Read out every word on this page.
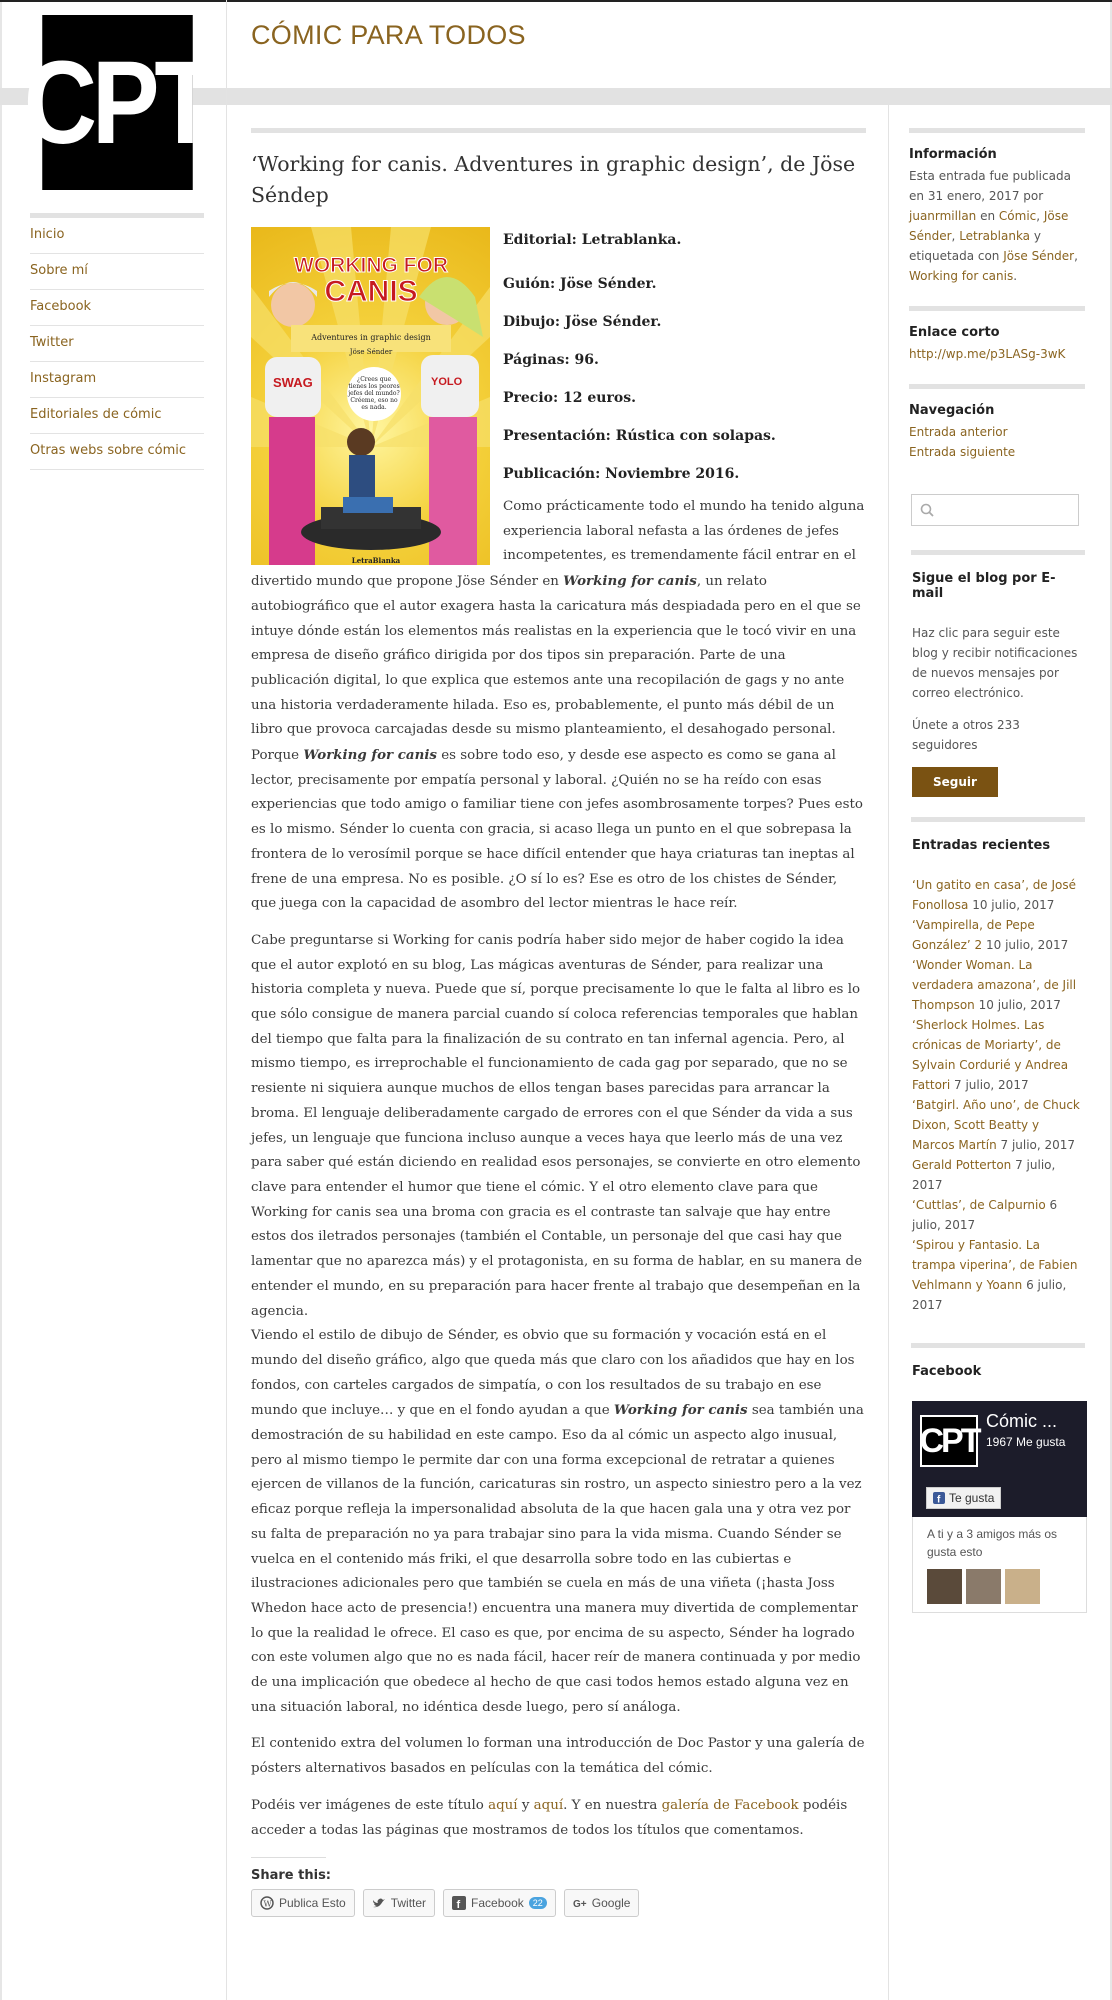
CPT
CÓMIC PARA TODOS
Inicio
Sobre mí
Facebook
Twitter
Instagram
Editoriales de cómic
Otras webs sobre cómic
‘Working for canis. Adventures in graphic design’, de Jöse Séndер
SWAG	YOLO
WORKING FOR
CANIS
Adventures in graphic design
Jöse Sénder
¿Crees que tienes los peores jefes del mundo? Créeme, eso no es nada.
LetraBlanka
Editorial: Letrablanka.
Guión: Jöse Sénder.
Dibujo: Jöse Sénder.
Páginas: 96.
Precio: 12 euros.
Presentación: Rústica con solapas.
Publicación: Noviembre 2016.

Como prácticamente todo el mundo ha tenido alguna experiencia laboral nefasta a las órdenes de jefes incompetentes, es tremendamente fácil entrar en el divertido mundo que propone Jöse Sénder en Working for canis, un relato autobiográfico que el autor exagera hasta la caricatura más despiadada pero en el que se intuye dónde están los elementos más realistas en la experiencia que le tocó vivir en una empresa de diseño gráfico dirigida por dos tipos sin preparación. Parte de una publicación digital, lo que explica que estemos ante una recopilación de gags y no ante una historia verdaderamente hilada. Eso es, probablemente, el punto más débil de un libro que provoca carcajadas desde su mismo planteamiento, el desahogado personal. Porque Working for canis es sobre todo eso, y desde ese aspecto es como se gana al lector, precisamente por empatía personal y laboral. ¿Quién no se ha reído con esas experiencias que todo amigo o familiar tiene con jefes asombrosamente torpes? Pues esto es lo mismo. Sénder lo cuenta con gracia, si acaso llega un punto en el que sobrepasa la frontera de lo verosímil porque se hace difícil entender que haya criaturas tan ineptas al frene de una empresa. No es posible. ¿O sí lo es? Ese es otro de los chistes de Sénder, que juega con la capacidad de asombro del lector mientras le hace reír.

Cabe preguntarse si Working for canis podría haber sido mejor de haber cogido la idea que el autor explotó en su blog, Las mágicas aventuras de Sénder, para realizar una historia completa y nueva. Puede que sí, porque precisamente lo que le falta al libro es lo que sólo consigue de manera parcial cuando sí coloca referencias temporales que hablan del tiempo que falta para la finalización de su contrato en tan infernal agencia. Pero, al mismo tiempo, es irreprochable el funcionamiento de cada gag por separado, que no se resiente ni siquiera aunque muchos de ellos tengan bases parecidas para arrancar la broma. El lenguaje deliberadamente cargado de errores con el que Sénder da vida a sus jefes, un lenguaje que funciona incluso aunque a veces haya que leerlo más de una vez para saber qué están diciendo en realidad esos personajes, se convierte en otro elemento clave para entender el humor que tiene el cómic. Y el otro elemento clave para que Working for canis sea una broma con gracia es el contraste tan salvaje que hay entre estos dos iletrados personajes (también el Contable, un personaje del que casi hay que lamentar que no aparezca más) y el protagonista, en su forma de hablar, en su manera de entender el mundo, en su preparación para hacer frente al trabajo que desempeñan en la agencia.

Viendo el estilo de dibujo de Sénder, es obvio que su formación y vocación está en el mundo del diseño gráfico, algo que queda más que claro con los añadidos que hay en los fondos, con carteles cargados de simpatía, o con los resultados de su trabajo en ese mundo que incluye… y que en el fondo ayudan a que Working for canis sea también una demostración de su habilidad en este campo. Eso da al cómic un aspecto algo inusual, pero al mismo tiempo le permite dar con una forma excepcional de retratar a quienes ejercen de villanos de la función, caricaturas sin rostro, un aspecto siniestro pero a la vez eficaz porque refleja la impersonalidad absoluta de la que hacen gala una y otra vez por su falta de preparación no ya para trabajar sino para la vida misma. Cuando Sénder se vuelca en el contenido más friki, el que desarrolla sobre todo en las cubiertas e ilustraciones adicionales pero que también se cuela en más de una viñeta (¡hasta Joss Whedon hace acto de presencia!) encuentra una manera muy divertida de complementar lo que la realidad le ofrece. El caso es que, por encima de su aspecto, Sénder ha logrado con este volumen algo que no es nada fácil, hacer reír de manera continuada y por medio de una implicación que obedece al hecho de que casi todos hemos estado alguna vez en una situación laboral, no idéntica desde luego, pero sí análoga.

El contenido extra del volumen lo forman una introducción de Doc Pastor y una galería de pósters alternativos basados en películas con la temática del cómic.

Podéis ver imágenes de este título aquí y aquí. Y en nuestra galería de Facebook podéis acceder a todas las páginas que mostramos de todos los títulos que comentamos.

Share this:
W Publica Esto	Twitter	f Facebook	22	G+ Google
Información
Esta entrada fue publicada en 31 enero, 2017 por juanrmillan en Cómic, Jöse Sénder, Letrablanka y etiquetada con Jöse Sénder, Working for canis.
Enlace corto
http://wp.me/p3LASg-3wK
Navegación
Entrada anterior
Entrada siguiente
Sigue el blog por E-mail
Haz clic para seguir este blog y recibir notificaciones de nuevos mensajes por correo electrónico.
Únete a otros 233 seguidores
Seguir
Entradas recientes
‘Un gatito en casa’, de José Fonollosa 10 julio, 2017
‘Vampirella, de Pepe González’ 2 10 julio, 2017
‘Wonder Woman. La verdadera amazona’, de Jill Thompson 10 julio, 2017
‘Sherlock Holmes. Las crónicas de Moriarty’, de Sylvain Cordurié y Andrea Fattori 7 julio, 2017
‘Batgirl. Año uno’, de Chuck Dixon, Scott Beatty y Marcos Martín 7 julio, 2017
Gerald Potterton 7 julio, 2017
‘Cuttlas’, de Calpurnio 6 julio, 2017
‘Spirou y Fantasio. La trampa viperina’, de Fabien Vehlmann y Yoann 6 julio, 2017
Facebook
CPT
Cómic ...
1967 Me gusta
f Te gusta
A ti y a 3 amigos más os gusta esto
